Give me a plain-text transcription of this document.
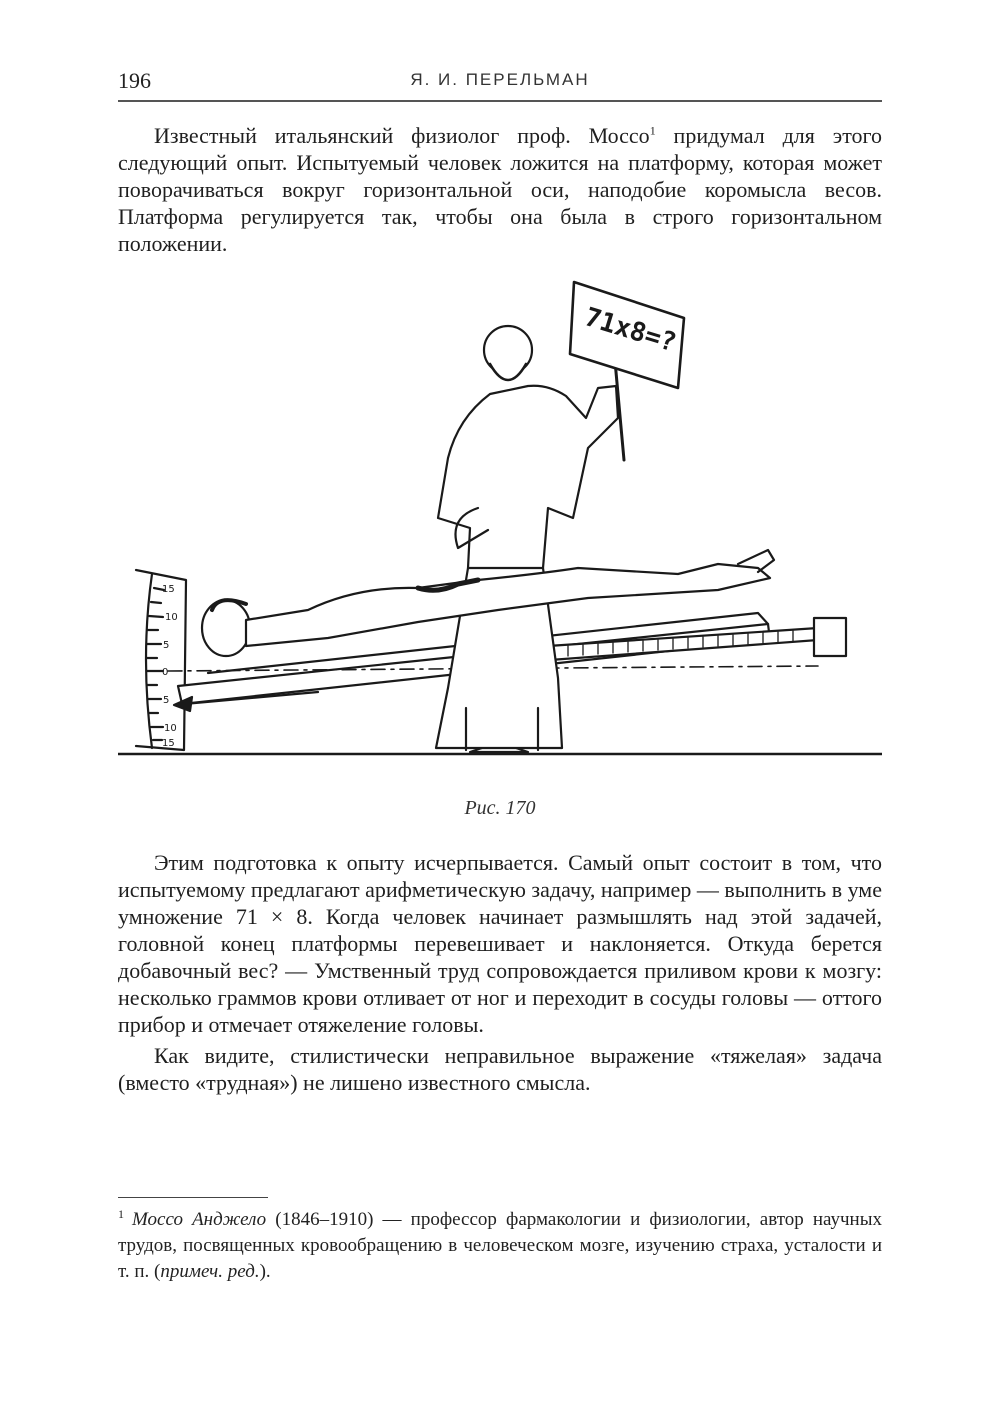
196	Я. И. ПЕРЕЛЬМАН

Известный итальянский физиолог проф. Моссо$^1$ придумал для этого следующий опыт. Испытуемый человек ложится на платформу, которая может поворачиваться вокруг горизонтальной оси, наподобие коромысла весов. Платформа регулируется так, чтобы она была в строго горизонтальном положении.

71x8=?
15
10
5
0
5
10
15
Рис. 170

Этим подготовка к опыту исчерпывается. Самый опыт состоит в том, что испытуемому предлагают арифметическую задачу, например — выполнить в уме умножение 71 × 8. Когда человек начинает размышлять над этой задачей, головной конец платформы перевешивает и наклоняется. Откуда берется добавочный вес? — Умственный труд сопровождается приливом крови к мозгу: несколько граммов крови отливает от ног и переходит в сосуды головы — оттого прибор и отмечает отяжеление головы.

Как видите, стилистически неправильное выражение «тяжелая» задача (вместо «трудная») не лишено известного смысла.

$^1$ Моссо Анджело (1846–1910) — профессор фармакологии и физиологии, автор научных трудов, посвященных кровообращению в человеческом мозге, изучению страха, усталости и т. п. (примеч. ред.).
